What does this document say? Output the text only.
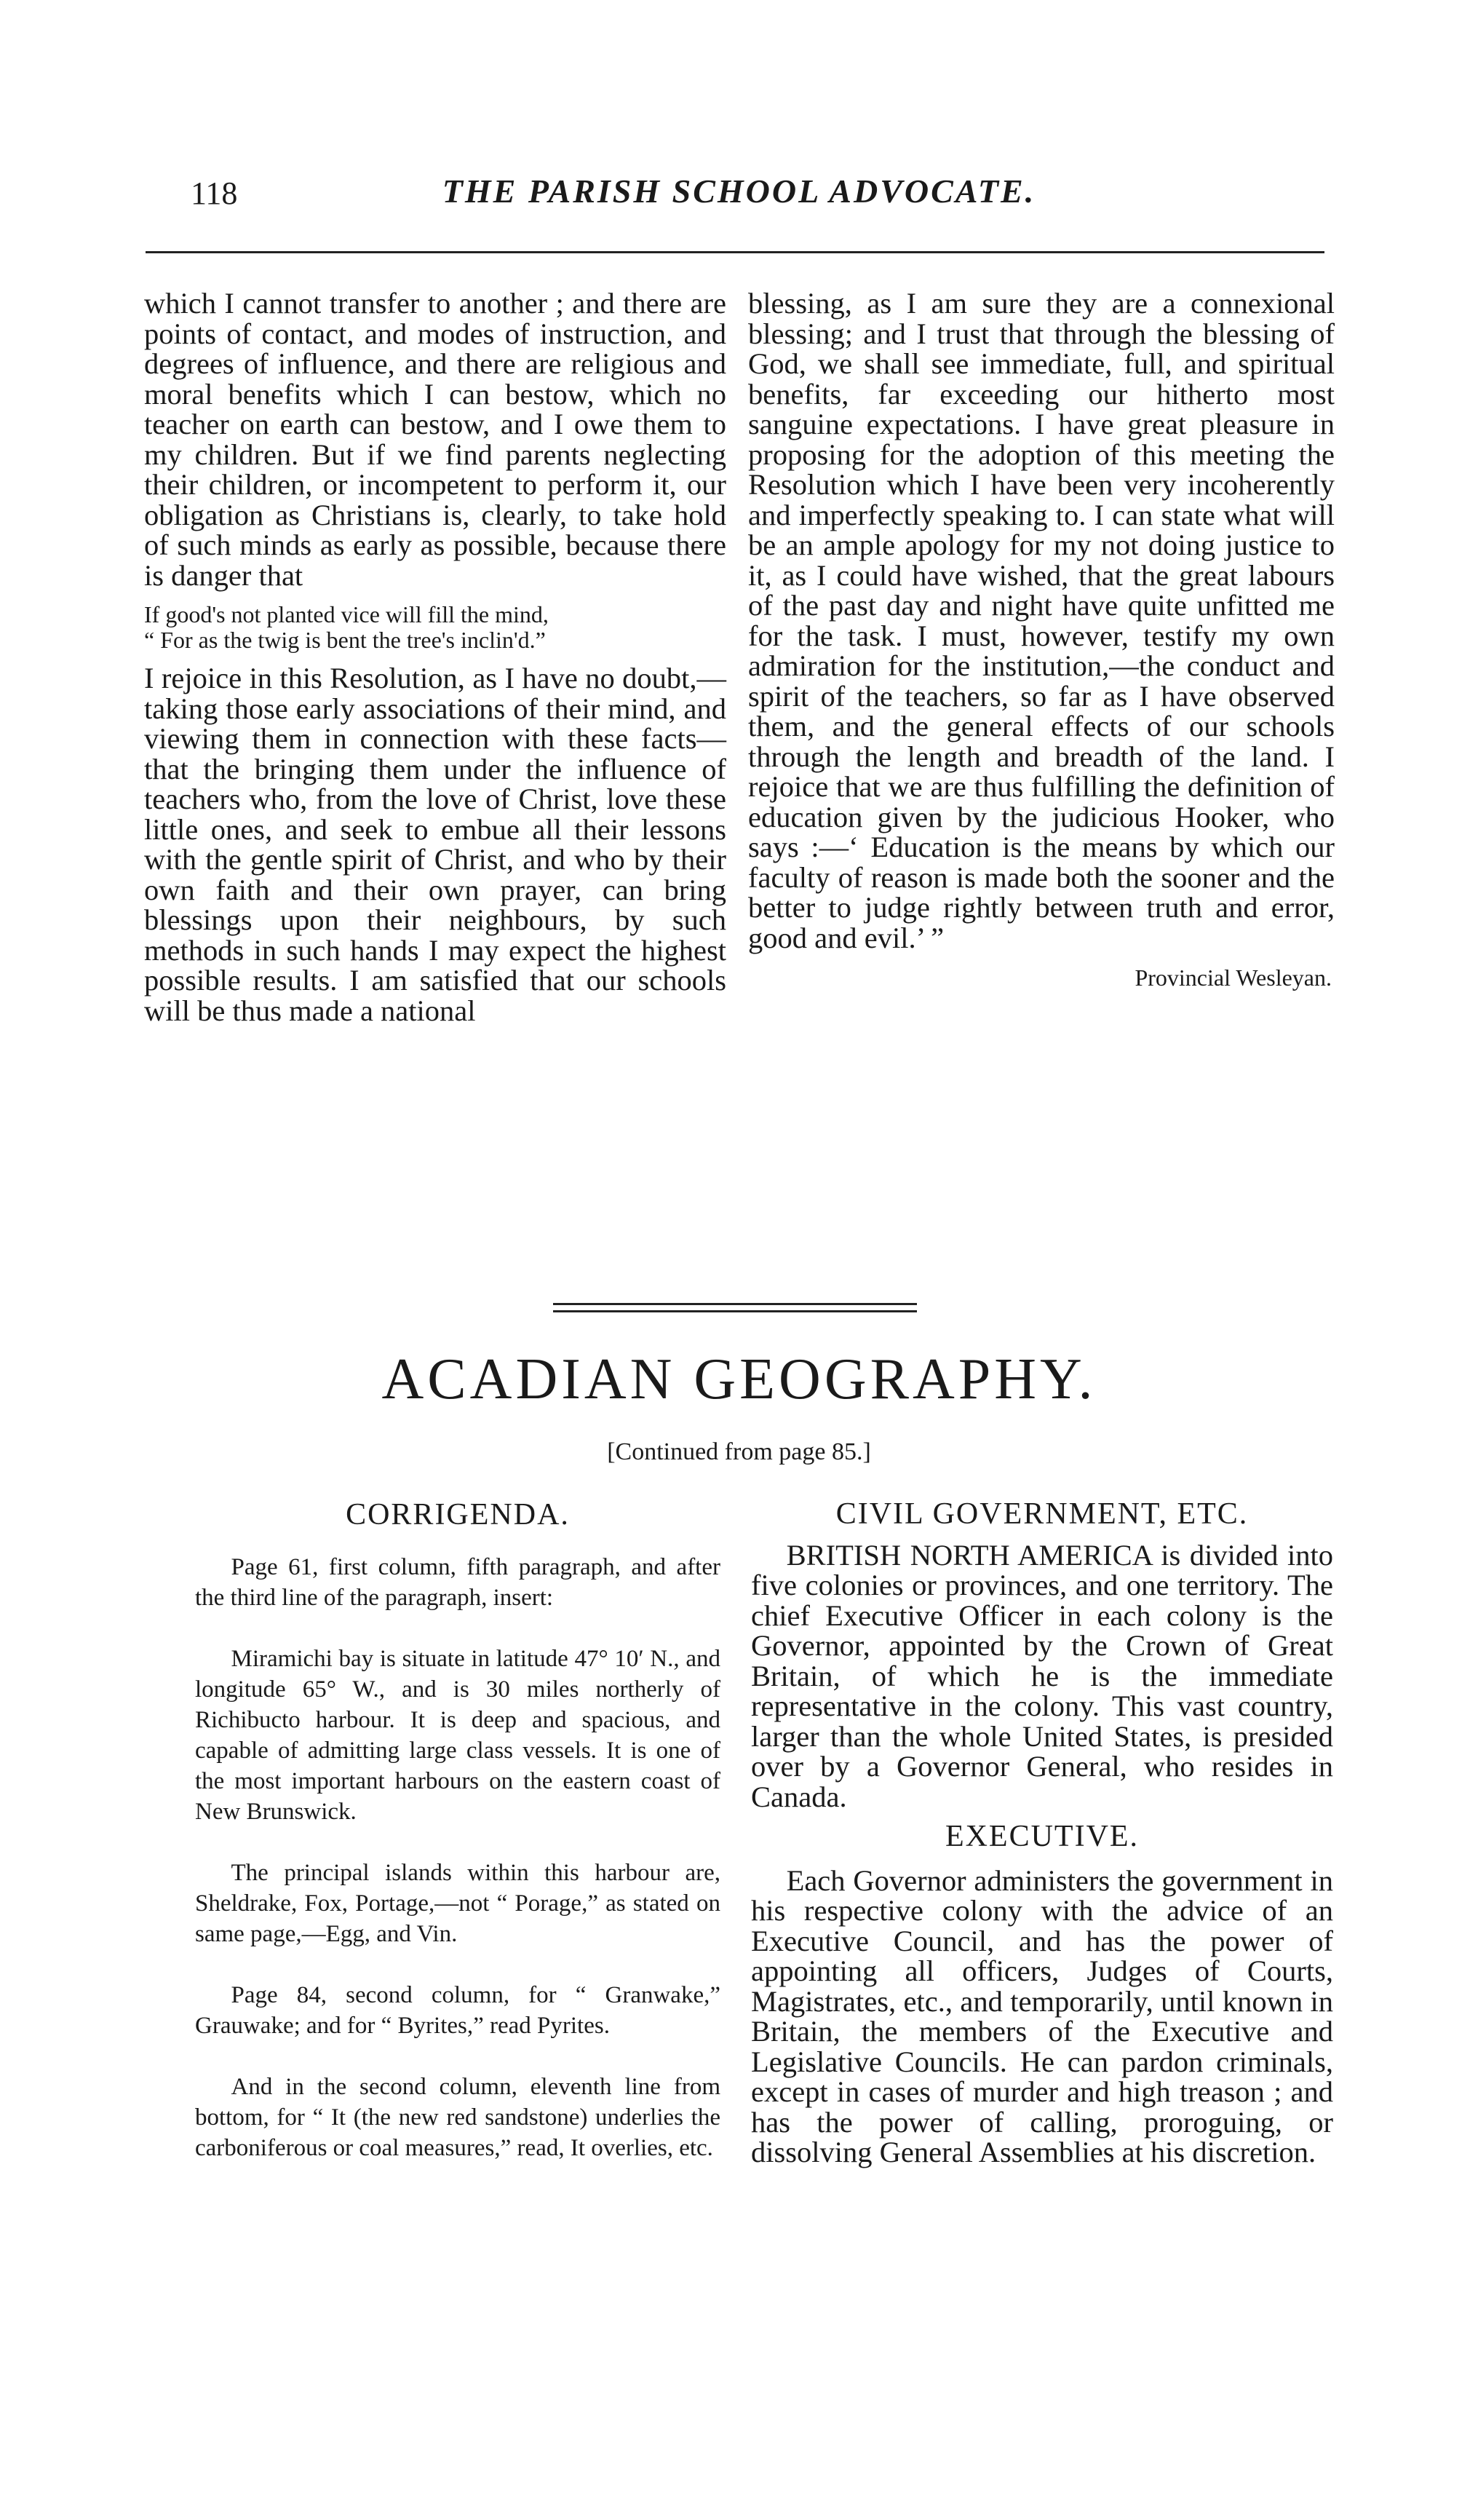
118	THE PARISH SCHOOL ADVOCATE.

which I cannot transfer to another ; and there are points of contact, and modes of instruction, and degrees of influence, and there are religious and moral benefits which I can bestow, which no teacher on earth can bestow, and I owe them to my children. But if we find parents neglecting their children, or incompetent to perform it, our obligation as Christians is, clearly, to take hold of such minds as early as possible, because there is danger that

If good's not planted vice will fill the mind,
“ For as the twig is bent the tree's inclin'd.”

I rejoice in this Resolution, as I have no doubt,—taking those early associations of their mind, and viewing them in connection with these facts—that the bringing them under the influence of teachers who, from the love of Christ, love these little ones, and seek to embue all their lessons with the gentle spirit of Christ, and who by their own faith and their own prayer, can bring blessings upon their neighbours, by such methods in such hands I may expect the highest possible results. I am satisfied that our schools will be thus made a national

blessing, as I am sure they are a connexional blessing; and I trust that through the blessing of God, we shall see immediate, full, and spiritual benefits, far exceeding our hitherto most sanguine expectations. I have great pleasure in proposing for the adoption of this meeting the Resolution which I have been very incoherently and imperfectly speaking to. I can state what will be an ample apology for my not doing justice to it, as I could have wished, that the great labours of the past day and night have quite unfitted me for the task. I must, however, testify my own admiration for the institution,—the conduct and spirit of the teachers, so far as I have observed them, and the general effects of our schools through the length and breadth of the land. I rejoice that we are thus fulfilling the definition of education given by the judicious Hooker, who says :—‘ Education is the means by which our faculty of reason is made both the sooner and the better to judge rightly between truth and error, good and evil.’ ”

Provincial Wesleyan.

ACADIAN GEOGRAPHY.
[Continued from page 85.]
CORRIGENDA.

Page 61, first column, fifth paragraph, and after the third line of the paragraph, insert:

Miramichi bay is situate in latitude 47° 10′ N., and longitude 65° W., and is 30 miles northerly of Richibucto harbour. It is deep and spacious, and capable of admitting large class vessels. It is one of the most important harbours on the eastern coast of New Brunswick.

The principal islands within this harbour are, Sheldrake, Fox, Portage,—not “ Porage,” as stated on same page,—Egg, and Vin.

Page 84, second column, for “ Granwake,” Grauwake; and for “ Byrites,” read Pyrites.

And in the second column, eleventh line from bottom, for “ It (the new red sandstone) underlies the carboniferous or coal measures,” read, It overlies, etc.

CIVIL GOVERNMENT, ETC.

BRITISH NORTH AMERICA is divided into five colonies or provinces, and one territory. The chief Executive Officer in each colony is the Governor, appointed by the Crown of Great Britain, of which he is the immediate representative in the colony. This vast country, larger than the whole United States, is presided over by a Governor General, who resides in Canada.

EXECUTIVE.

Each Governor administers the government in his respective colony with the advice of an Executive Council, and has the power of appointing all officers, Judges of Courts, Magistrates, etc., and temporarily, until known in Britain, the members of the Executive and Legislative Councils. He can pardon criminals, except in cases of murder and high treason ; and has the power of calling, proroguing, or dissolving General Assemblies at his discretion.
